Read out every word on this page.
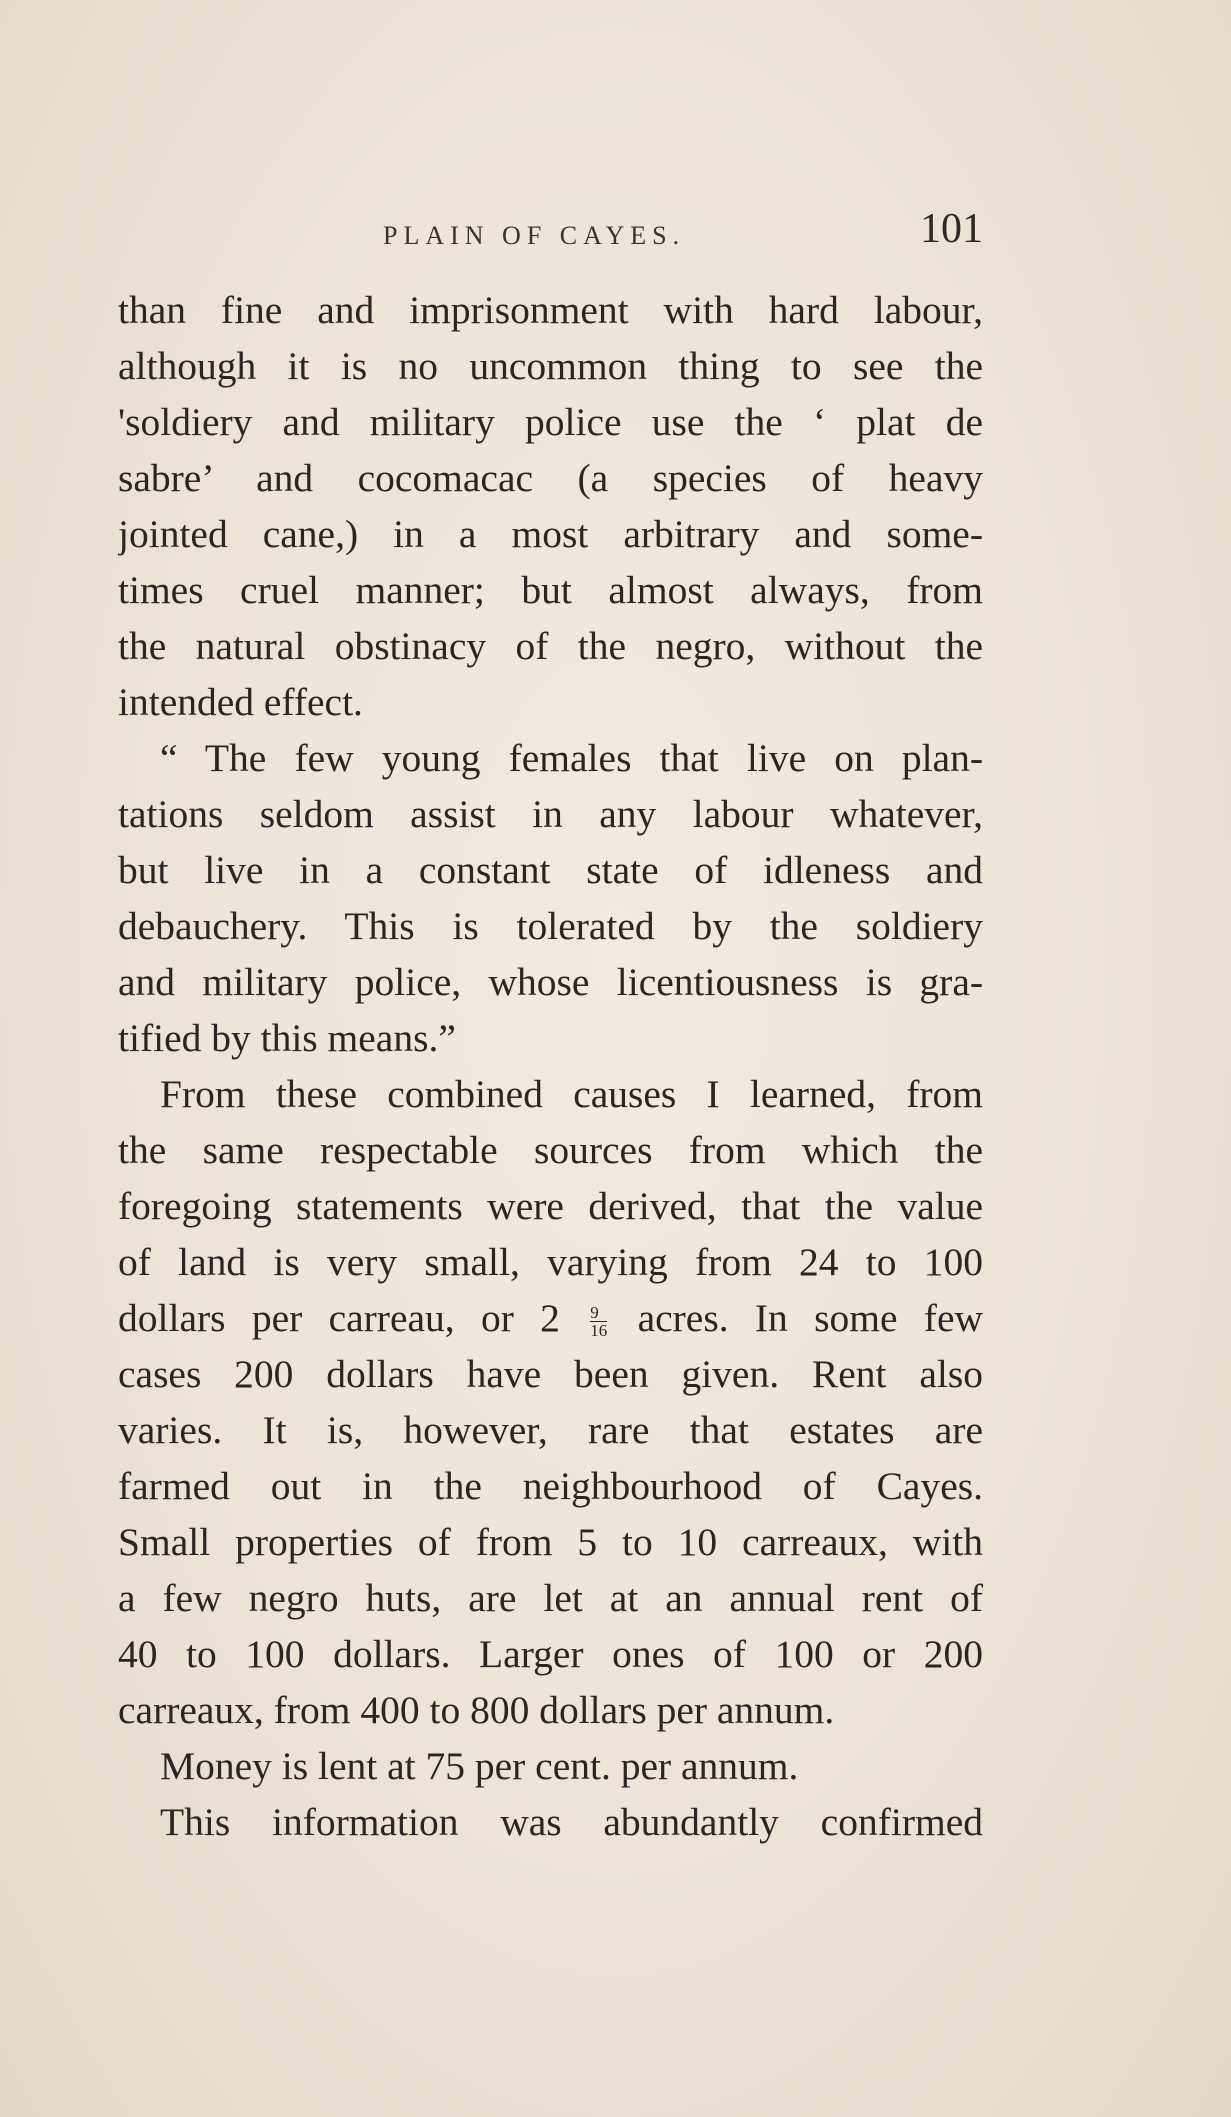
PLAIN OF CAYES.	101

than fine and imprisonment with hard labour,
although it is no uncommon thing to see the
'soldiery and military police use the ‘ plat de
sabre’ and cocomacac (a species of heavy
jointed cane,) in a most arbitrary and some-
times cruel manner; but almost always, from
the natural obstinacy of the negro, without the
intended effect.

“ The few young females that live on plan-
tations seldom assist in any labour whatever,
but live in a constant state of idleness and
debauchery. This is tolerated by the soldiery
and military police, whose licentiousness is gra-
tified by this means.”

From these combined causes I learned, from
the same respectable sources from which the
foregoing statements were derived, that the value
of land is very small, varying from 24 to 100
dollars per carreau, or $2 \frac{9}{16}$ acres. In some few
cases 200 dollars have been given. Rent also
varies. It is, however, rare that estates are
farmed out in the neighbourhood of Cayes.
Small properties of from 5 to 10 carreaux, with
a few negro huts, are let at an annual rent of
40 to 100 dollars. Larger ones of 100 or 200
carreaux, from 400 to 800 dollars per annum.

Money is lent at 75 per cent. per annum.

This information was abundantly confirmed
